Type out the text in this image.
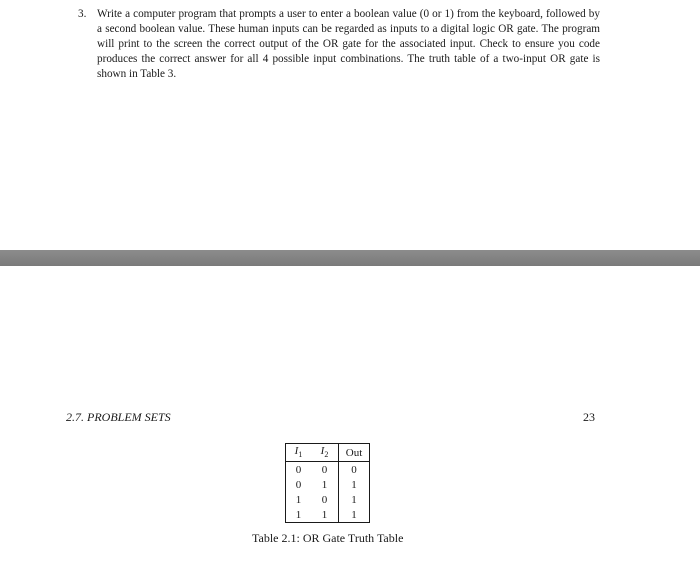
3. Write a computer program that prompts a user to enter a boolean value (0 or 1) from the keyboard, followed by a second boolean value. These human inputs can be regarded as inputs to a digital logic OR gate. The program will print to the screen the correct output of the OR gate for the associated input. Check to ensure you code produces the correct answer for all 4 possible input combinations. The truth table of a two-input OR gate is shown in Table 3.
2.7. PROBLEM SETS	23
$I_1$	$I_2$	Out
0	0	0
0	1	1
1	0	1
1	1	1
Table 2.1: OR Gate Truth Table
